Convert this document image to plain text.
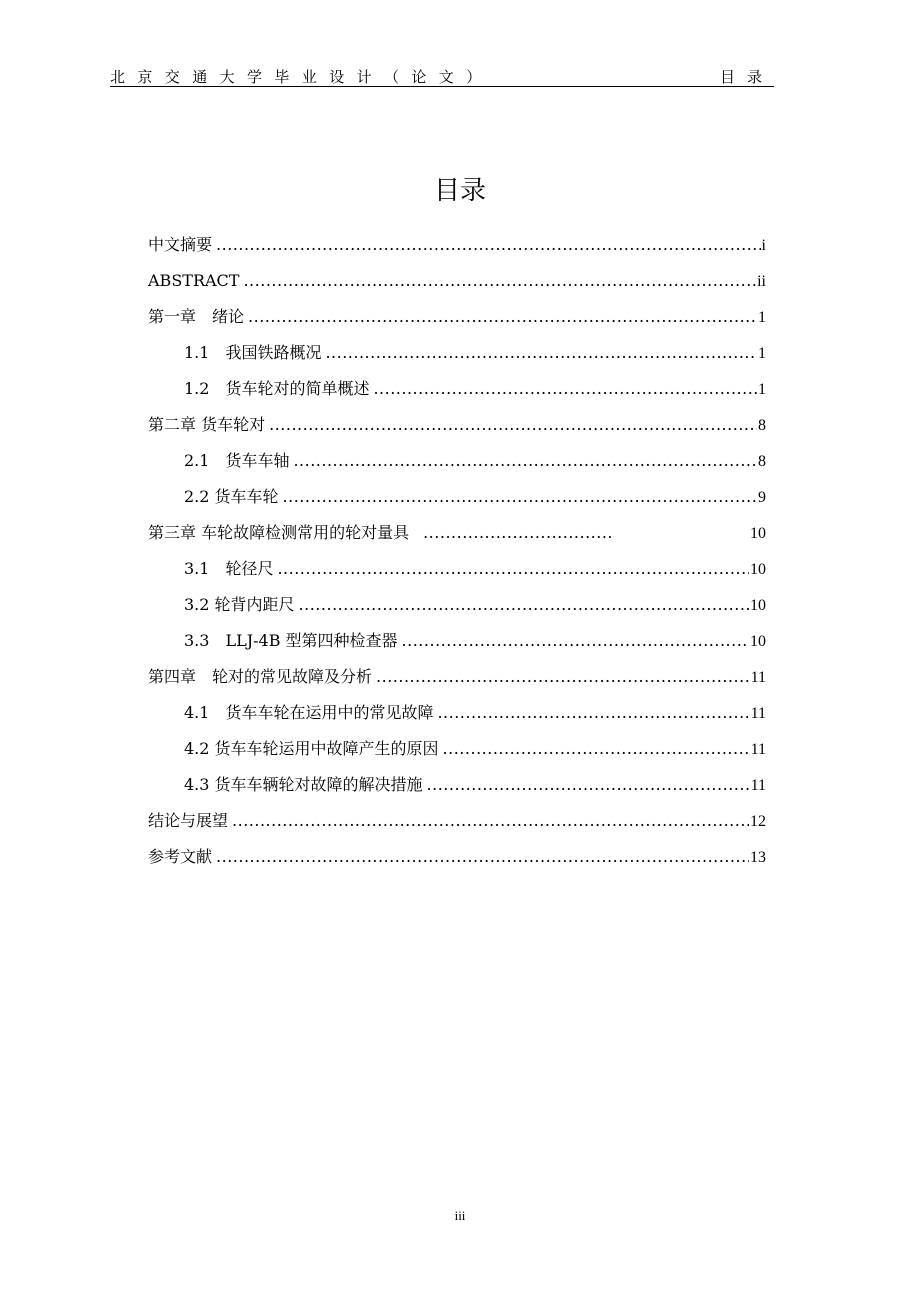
北京交通大学毕业设计（论文）	目录
目录
中文摘要 .....	i
ABSTRACT .....	ii
第一章　绪论 .....	1
1.1　我国铁路概况 .....	1
1.2　货车轮对的简单概述 .....	1
第二章 货车轮对 .....	8
2.1　货车车轴 .....	8
2.2 货车车轮 .....	9
第三章 车轮故障检测常用的轮对量具 .....	10
3.1　轮径尺 .....	10
3.2 轮背内距尺 .....	10
3.3　LLJ-4B 型第四种检查器 .....	10
第四章　轮对的常见故障及分析 .....	11
4.1　货车车轮在运用中的常见故障 .....	11
4.2 货车车轮运用中故障产生的原因 .....	11
4.3 货车车辆轮对故障的解决措施 .....	11
结论与展望 .....	12
参考文献 .....	13
iii
